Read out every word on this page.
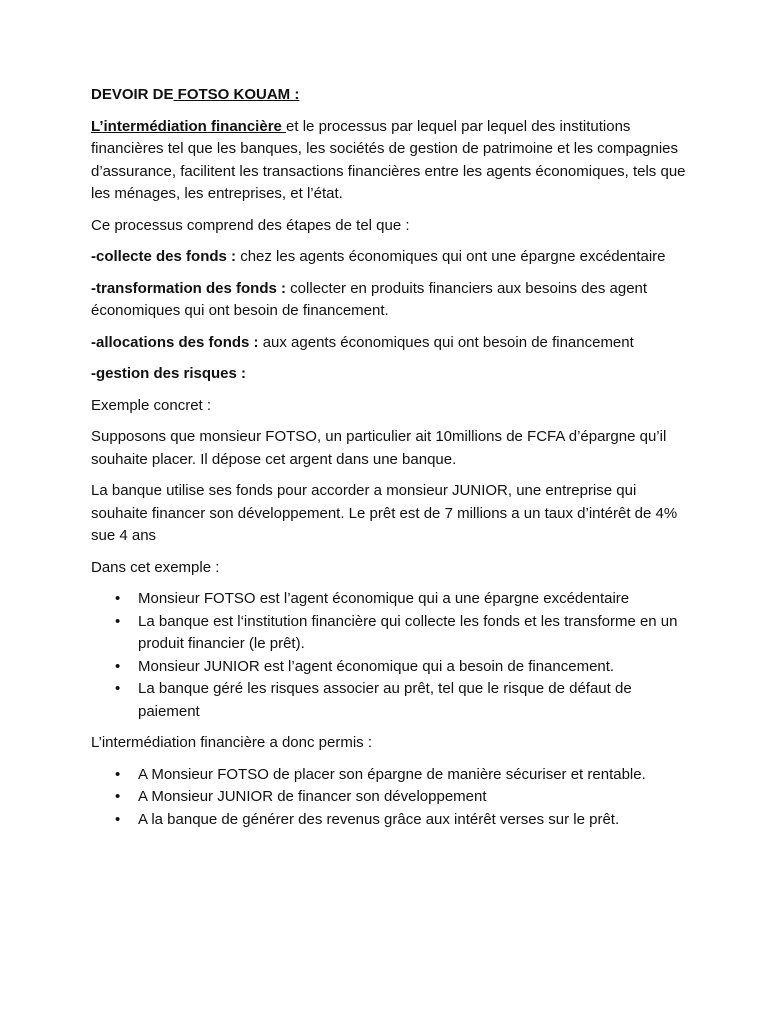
DEVOIR DE FOTSO KOUAM :

L’intermédiation financière et le processus par lequel par lequel des institutions financières tel que les banques, les sociétés de gestion de patrimoine et les compagnies d’assurance, facilitent les transactions financières entre les agents économiques, tels que les ménages, les entreprises, et l’état.

Ce processus comprend des étapes de tel que :

-collecte des fonds : chez les agents économiques qui ont une épargne excédentaire

-transformation des fonds : collecter en produits financiers aux besoins des agent économiques qui ont besoin de financement.

-allocations des fonds : aux agents économiques qui ont besoin de financement

-gestion des risques :

Exemple concret :

Supposons que monsieur FOTSO, un particulier ait 10millions de FCFA d’épargne qu’il souhaite placer. Il dépose cet argent dans une banque.

La banque utilise ses fonds pour accorder a monsieur JUNIOR, une entreprise qui souhaite financer son développement. Le prêt est de 7 millions a un taux d’intérêt de 4% sue 4 ans

Dans cet exemple :

• Monsieur FOTSO est l’agent économique qui a une épargne excédentaire
• La banque est l‘institution financière qui collecte les fonds et les transforme en un produit financier (le prêt).
• Monsieur JUNIOR est l’agent économique qui a besoin de financement.
• La banque géré les risques associer au prêt, tel que le risque de défaut de paiement

L’intermédiation financière a donc permis :

• A Monsieur FOTSO de placer son épargne de manière sécuriser et rentable.
• A Monsieur JUNIOR de financer son développement
• A la banque de générer des revenus grâce aux intérêt verses sur le prêt.
